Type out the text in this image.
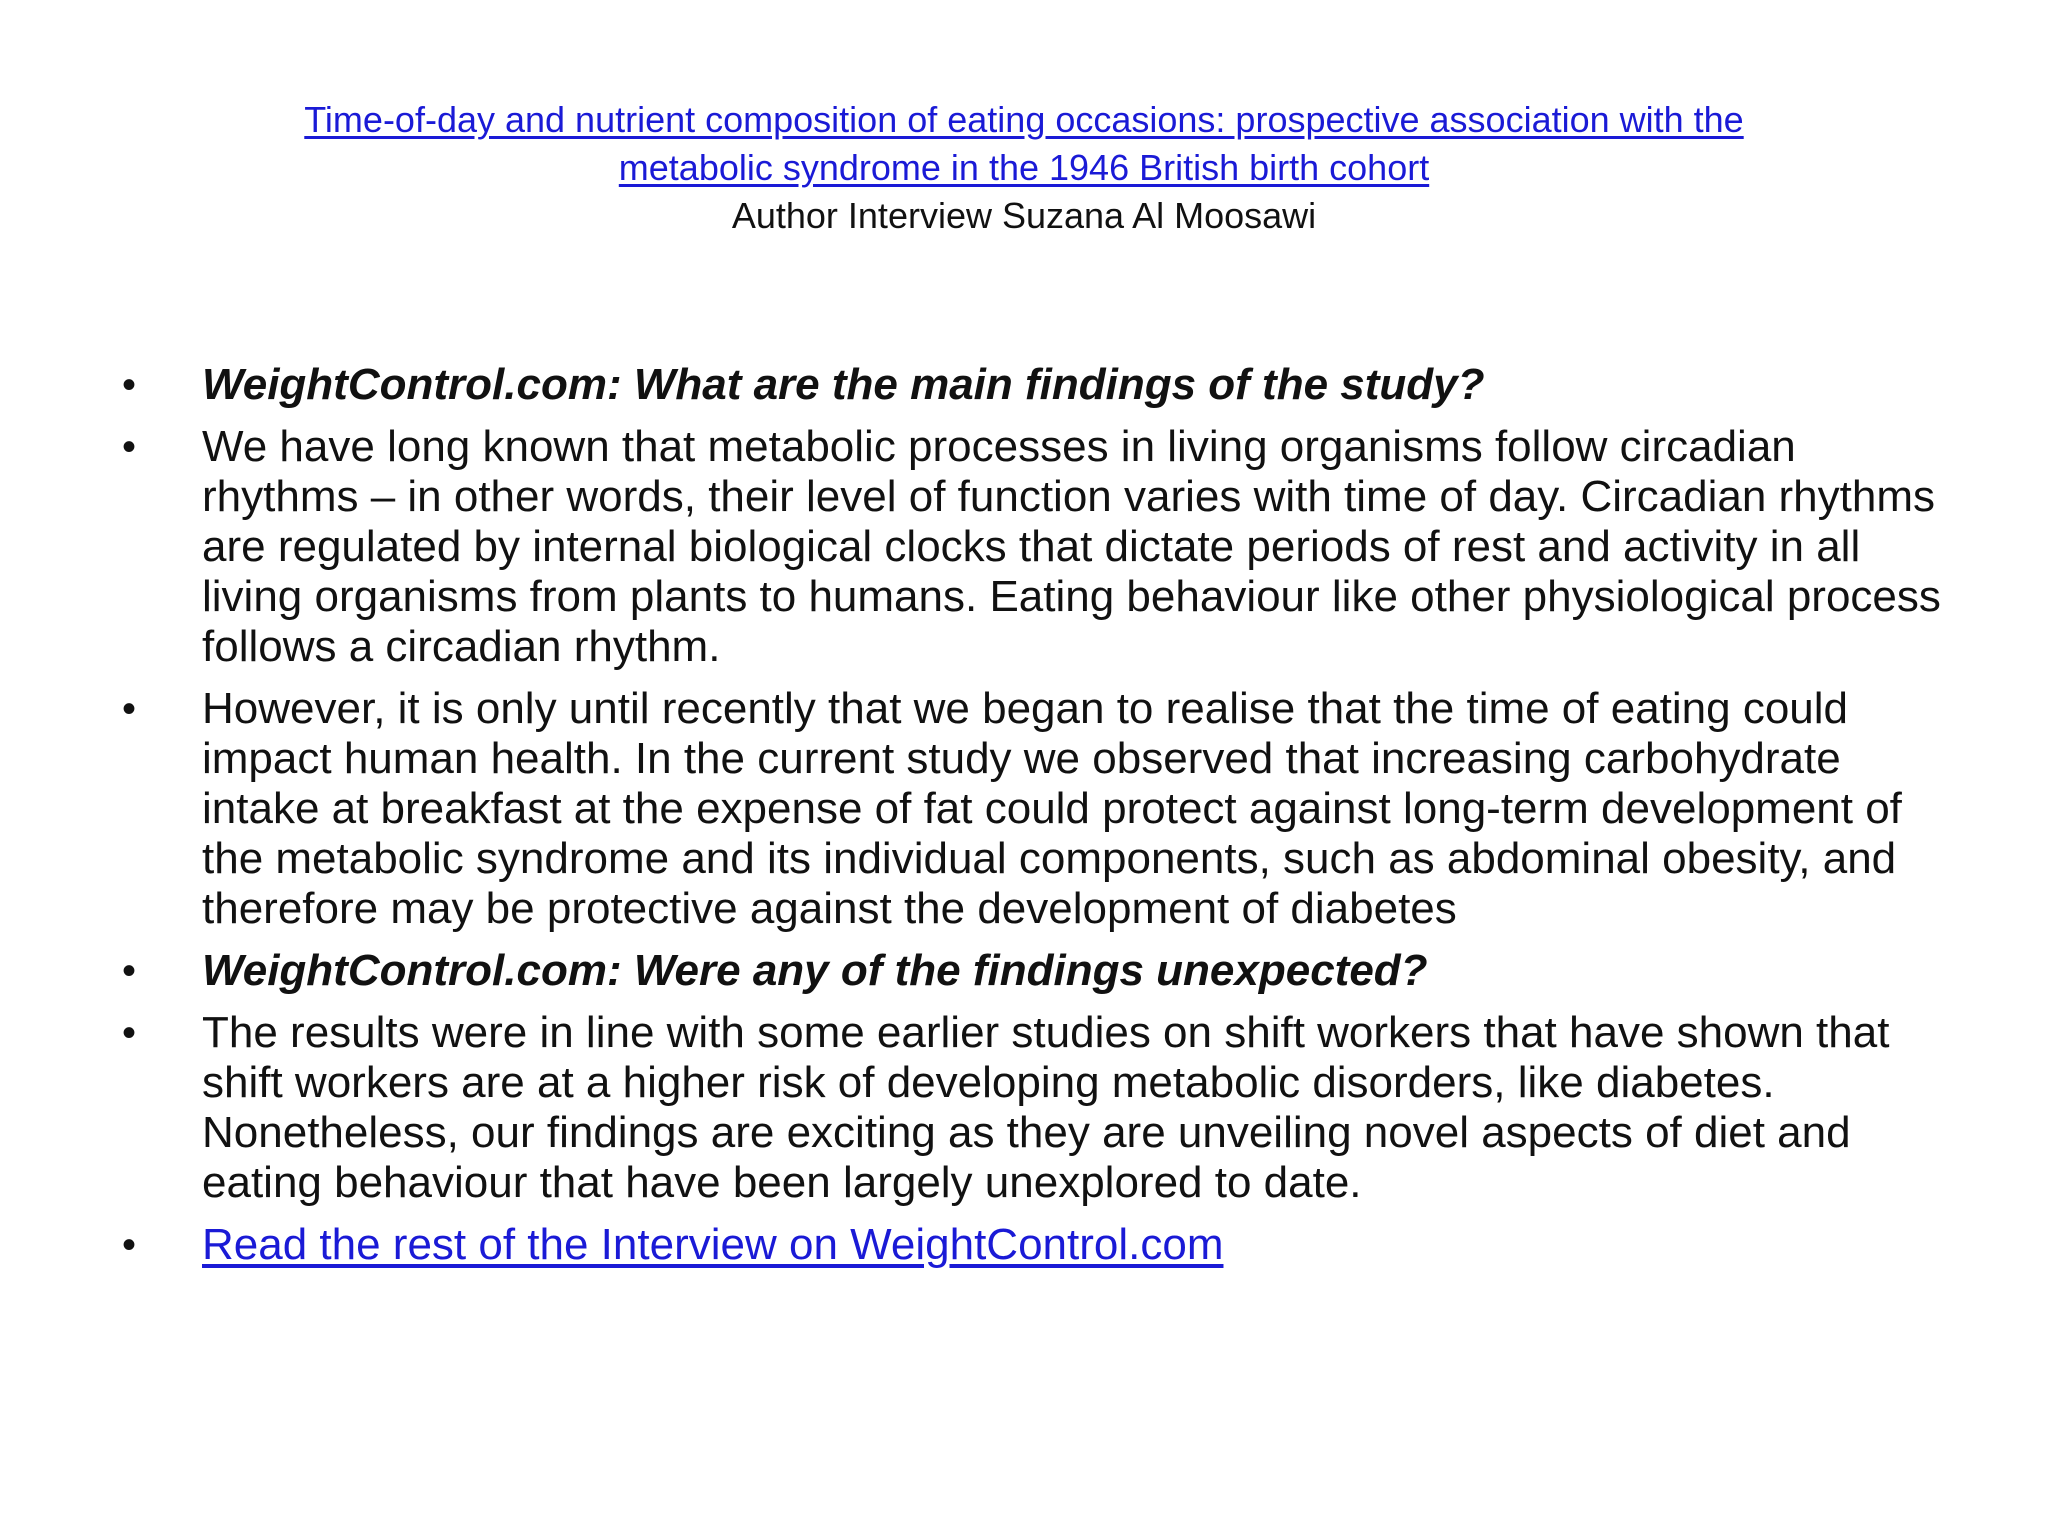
Time-of-day and nutrient composition of eating occasions: prospective association with the metabolic syndrome in the 1946 British birth cohort
Author Interview Suzana Al Moosawi
• WeightControl.com: What are the main findings of the study?
• We have long known that metabolic processes in living organisms follow circadian rhythms – in other words, their level of function varies with time of day. Circadian rhythms are regulated by internal biological clocks that dictate periods of rest and activity in all living organisms from plants to humans. Eating behaviour like other physiological process follows a circadian rhythm.
• However, it is only until recently that we began to realise that the time of eating could impact human health. In the current study we observed that increasing carbohydrate intake at breakfast at the expense of fat could protect against long-term development of the metabolic syndrome and its individual components, such as abdominal obesity, and therefore may be protective against the development of diabetes
• WeightControl.com: Were any of the findings unexpected?
• The results were in line with some earlier studies on shift workers that have shown that shift workers are at a higher risk of developing metabolic disorders, like diabetes. Nonetheless, our findings are exciting as they are unveiling novel aspects of diet and eating behaviour that have been largely unexplored to date.
• Read the rest of the Interview on WeightControl.com
